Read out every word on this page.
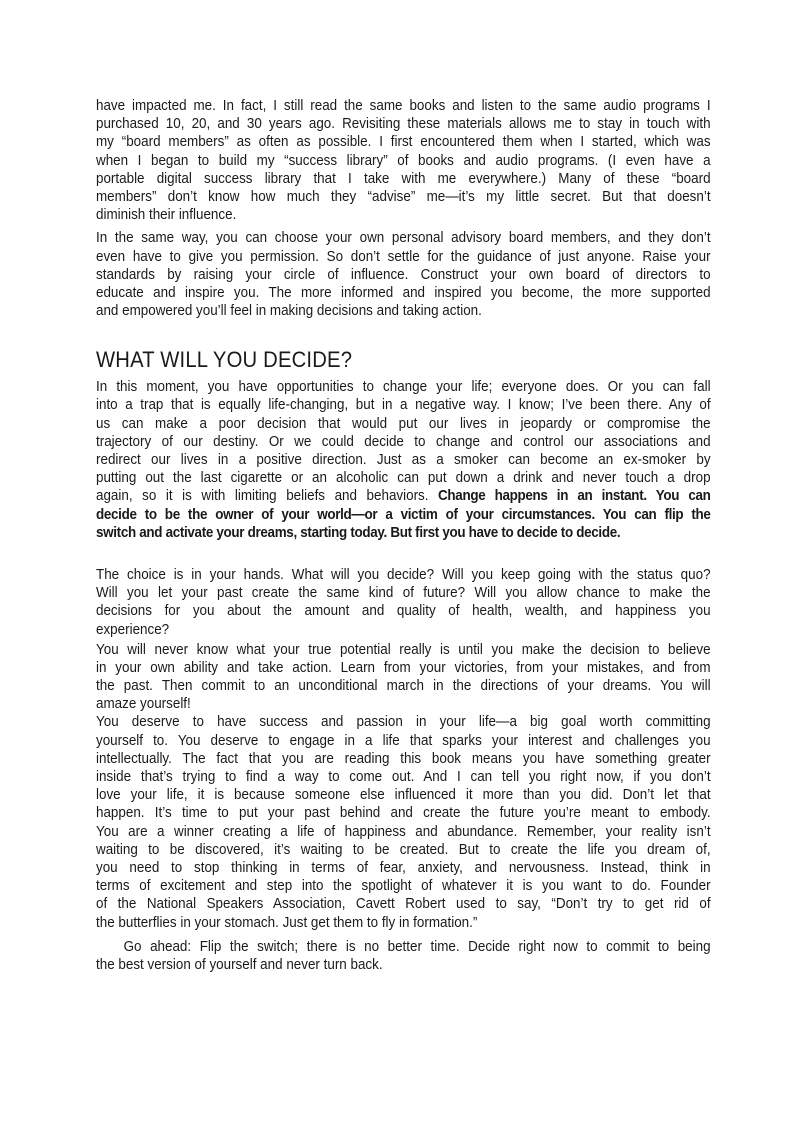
have impacted me. In fact, I still read the same books and listen to the same audio programs I
purchased 10, 20, and 30 years ago. Revisiting these materials allows me to stay in touch with
my “board members” as often as possible. I first encountered them when I started, which was
when I began to build my “success library” of books and audio programs. (I even have a
portable digital success library that I take with me everywhere.) Many of these “board
members” don’t know how much they “advise” me—it’s my little secret. But that doesn’t
diminish their influence.
In the same way, you can choose your own personal advisory board members, and they don’t
even have to give you permission. So don’t settle for the guidance of just anyone. Raise your
standards by raising your circle of influence. Construct your own board of directors to
educate and inspire you. The more informed and inspired you become, the more supported
and empowered you’ll feel in making decisions and taking action.
WHAT WILL YOU DECIDE?
In this moment, you have opportunities to change your life; everyone does. Or you can fall
into a trap that is equally life-changing, but in a negative way. I know; I’ve been there. Any of
us can make a poor decision that would put our lives in jeopardy or compromise the
trajectory of our destiny. Or we could decide to change and control our associations and
redirect our lives in a positive direction. Just as a smoker can become an ex-smoker by
putting out the last cigarette or an alcoholic can put down a drink and never touch a drop
again, so it is with limiting beliefs and behaviors. Change happens in an instant. You can
decide to be the owner of your world—or a victim of your circumstances. You can flip the
switch and activate your dreams, starting today. But first you have to decide to decide.
The choice is in your hands. What will you decide? Will you keep going with the status quo?
Will you let your past create the same kind of future? Will you allow chance to make the
decisions for you about the amount and quality of health, wealth, and happiness you
experience?
You will never know what your true potential really is until you make the decision to believe
in your own ability and take action. Learn from your victories, from your mistakes, and from
the past. Then commit to an unconditional march in the directions of your dreams. You will
amaze yourself!
You deserve to have success and passion in your life—a big goal worth committing
yourself to. You deserve to engage in a life that sparks your interest and challenges you
intellectually. The fact that you are reading this book means you have something greater
inside that’s trying to find a way to come out. And I can tell you right now, if you don’t
love your life, it is because someone else influenced it more than you did. Don’t let that
happen. It’s time to put your past behind and create the future you’re meant to embody.
You are a winner creating a life of happiness and abundance. Remember, your reality isn’t
waiting to be discovered, it’s waiting to be created. But to create the life you dream of,
you need to stop thinking in terms of fear, anxiety, and nervousness. Instead, think in
terms of excitement and step into the spotlight of whatever it is you want to do. Founder
of the National Speakers Association, Cavett Robert used to say, “Don’t try to get rid of
the butterflies in your stomach. Just get them to fly in formation.”
Go ahead: Flip the switch; there is no better time. Decide right now to commit to being
the best version of yourself and never turn back.
